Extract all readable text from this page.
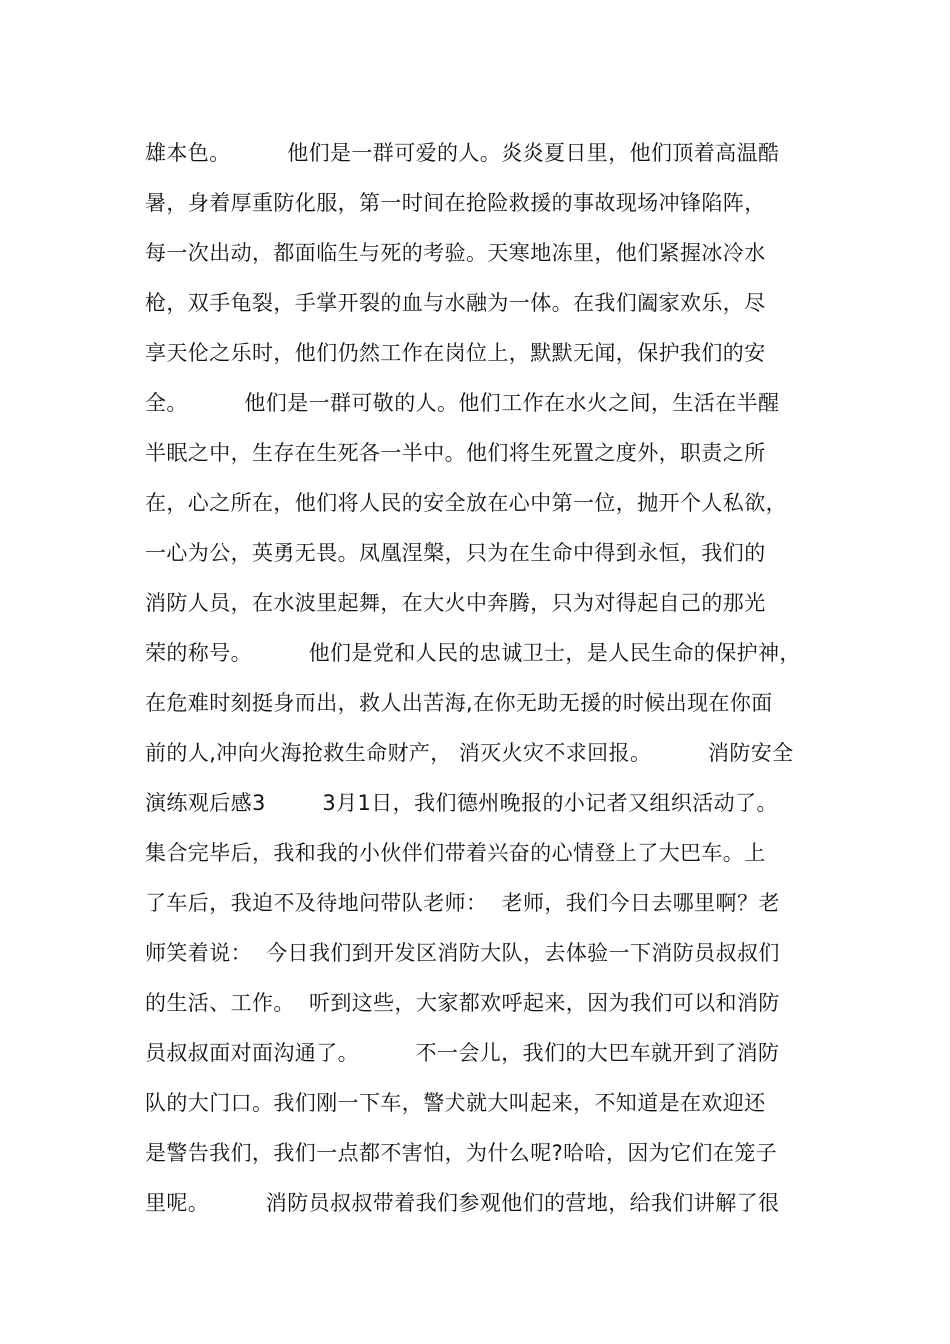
雄本色。        他们是一群可爱的人。炎炎夏日里，他们顶着高温酷
暑，身着厚重防化服，第一时间在抢险救援的事故现场冲锋陷阵，
每一次出动，都面临生与死的考验。天寒地冻里，他们紧握冰冷水
枪，双手龟裂，手掌开裂的血与水融为一体。在我们阖家欢乐，尽
享天伦之乐时，他们仍然工作在岗位上，默默无闻，保护我们的安
全。        他们是一群可敬的人。他们工作在水火之间，生活在半醒
半眠之中，生存在生死各一半中。他们将生死置之度外，职责之所
在，心之所在，他们将人民的安全放在心中第一位，抛开个人私欲，
一心为公，英勇无畏。凤凰涅槃，只为在生命中得到永恒，我们的
消防人员，在水波里起舞，在大火中奔腾，只为对得起自己的那光
荣的称号。        他们是党和人民的忠诚卫士，是人民生命的保护神，
在危难时刻挺身而出，救人出苦海,在你无助无援的时候出现在你面
前的人,冲向火海抢救生命财产， 消灭火灾不求回报。        消防安全
演练观后感3        3月1日，我们德州晚报的小记者又组织活动了。
集合完毕后，我和我的小伙伴们带着兴奋的心情登上了大巴车。上
了车后，我迫不及待地问带队老师：  老师，我们今日去哪里啊？老
师笑着说：  今日我们到开发区消防大队，去体验一下消防员叔叔们
的生活、工作。  听到这些，大家都欢呼起来，因为我们可以和消防
员叔叔面对面沟通了。        不一会儿，我们的大巴车就开到了消防
队的大门口。我们刚一下车，警犬就大叫起来，不知道是在欢迎还
是警告我们，我们一点都不害怕，为什么呢?哈哈，因为它们在笼子
里呢。        消防员叔叔带着我们参观他们的营地，给我们讲解了很
